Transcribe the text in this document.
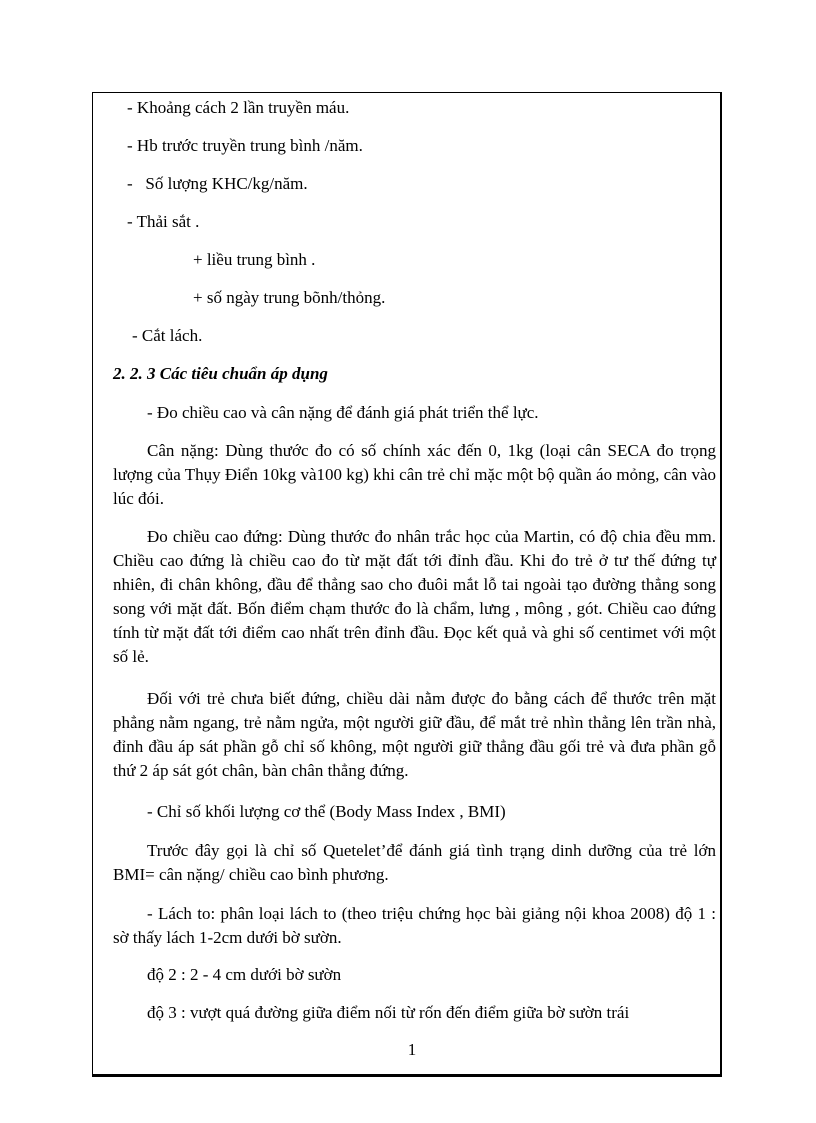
- Khoảng cách 2 lần truyền máu.

- Hb trước truyền trung bình /năm.

-   Số lượng KHC/kg/năm.

- Thải sắt .

+ liều trung bình .

+ số ngày trung bõnh/thỏng.

- Cắt lách.

2. 2. 3 Các tiêu chuẩn áp dụng

- Đo chiều cao và cân nặng để đánh giá phát triển thể lực.

Cân nặng: Dùng thước đo có số chính xác đến 0, 1kg (loại cân SECA đo trọng lượng của Thụy Điển 10kg và100 kg) khi cân trẻ chỉ mặc một bộ quần áo mỏng, cân vào lúc đói.

Đo chiều cao đứng: Dùng thước đo nhân trắc học của Martin, có độ chia đều mm. Chiều cao đứng là chiều cao đo từ mặt đất tới đỉnh đầu. Khi đo trẻ ở tư thế đứng tự nhiên, đi chân không, đầu để thẳng sao cho đuôi mắt lỗ tai ngoài tạo đường thẳng song song với mặt đất. Bốn điểm chạm thước đo là chẩm, lưng , mông , gót. Chiều cao đứng tính từ mặt đất tới điểm cao nhất trên đỉnh đầu. Đọc kết quả và ghi số centimet với một số lẻ.

Đối với trẻ chưa biết đứng, chiều dài nằm được đo bằng cách để thước trên mặt phẳng nằm ngang, trẻ nằm ngửa, một người giữ đầu, để mắt trẻ nhìn thẳng lên trần nhà, đỉnh đầu áp sát phần gỗ chỉ số không, một người giữ thẳng đầu gối trẻ và đưa phần gỗ thứ 2 áp sát gót chân, bàn chân thẳng đứng.

- Chỉ số khối lượng cơ thể (Body Mass Index , BMI)

Trước đây gọi là chỉ số Quetelet’để đánh giá tình trạng dinh dưỡng của trẻ lớn BMI= cân nặng/ chiều cao bình phương.

- Lách to: phân loại lách to (theo triệu chứng học bài giảng nội khoa 2008) độ 1 : sờ thấy lách 1-2cm dưới bờ sườn.

độ 2 : 2 - 4 cm dưới bờ sườn

độ 3 : vượt quá đường giữa điểm nối từ rốn đến điểm giữa bờ sườn trái

1
